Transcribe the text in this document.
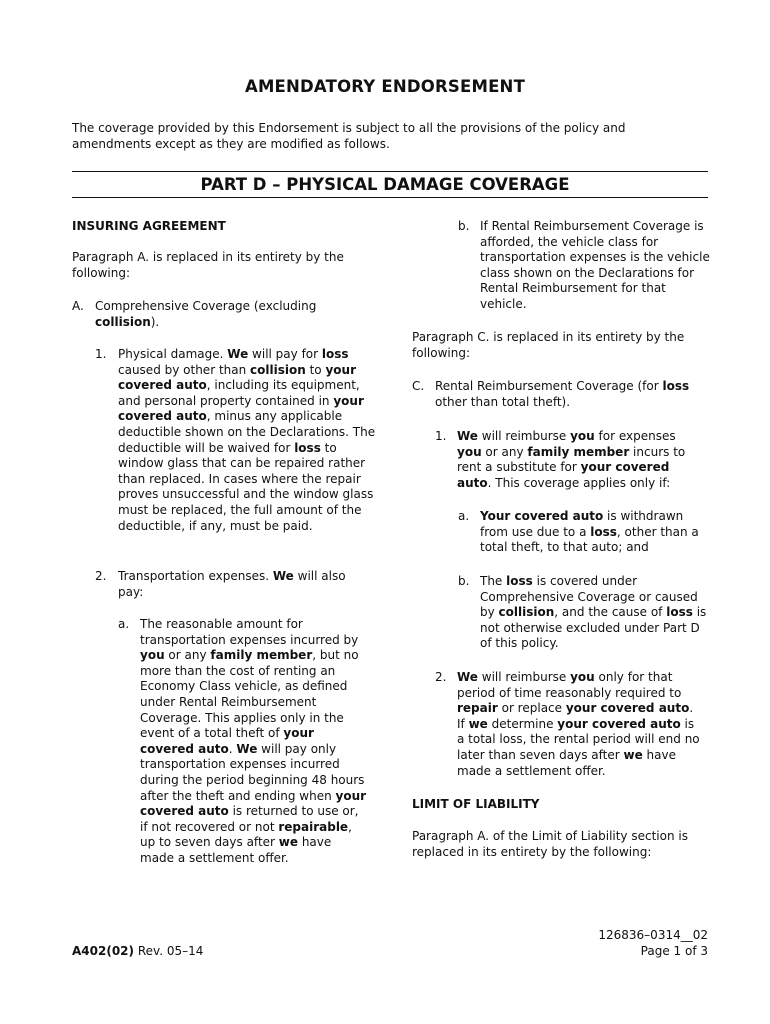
AMENDATORY ENDORSEMENT
The coverage provided by this Endorsement is subject to all the provisions of the policy and amendments except as they are modified as follows.
PART D – PHYSICAL DAMAGE COVERAGE
INSURING AGREEMENT
Paragraph A. is replaced in its entirety by the following:
A. Comprehensive Coverage (excluding collision).
1. Physical damage. We will pay for loss caused by other than collision to your covered auto, including its equipment, and personal property contained in your covered auto, minus any applicable deductible shown on the Declarations. The deductible will be waived for loss to window glass that can be repaired rather than replaced. In cases where the repair proves unsuccessful and the window glass must be replaced, the full amount of the deductible, if any, must be paid.
2. Transportation expenses. We will also pay:
a. The reasonable amount for transportation expenses incurred by you or any family member, but no more than the cost of renting an Economy Class vehicle, as defined under Rental Reimbursement Coverage. This applies only in the event of a total theft of your covered auto. We will pay only transportation expenses incurred during the period beginning 48 hours after the theft and ending when your covered auto is returned to use or, if not recovered or not repairable, up to seven days after we have made a settlement offer.
b. If Rental Reimbursement Coverage is afforded, the vehicle class for transportation expenses is the vehicle class shown on the Declarations for Rental Reimbursement for that vehicle.
Paragraph C. is replaced in its entirety by the following:
C. Rental Reimbursement Coverage (for loss other than total theft).
1. We will reimburse you for expenses you or any family member incurs to rent a substitute for your covered auto. This coverage applies only if:
a. Your covered auto is withdrawn from use due to a loss, other than a total theft, to that auto; and
b. The loss is covered under Comprehensive Coverage or caused by collision, and the cause of loss is not otherwise excluded under Part D of this policy.
2. We will reimburse you only for that period of time reasonably required to repair or replace your covered auto. If we determine your covered auto is a total loss, the rental period will end no later than seven days after we have made a settlement offer.
LIMIT OF LIABILITY
Paragraph A. of the Limit of Liability section is replaced in its entirety by the following:
A402(02) Rev. 05–14
126836–0314__02
Page 1 of 3
